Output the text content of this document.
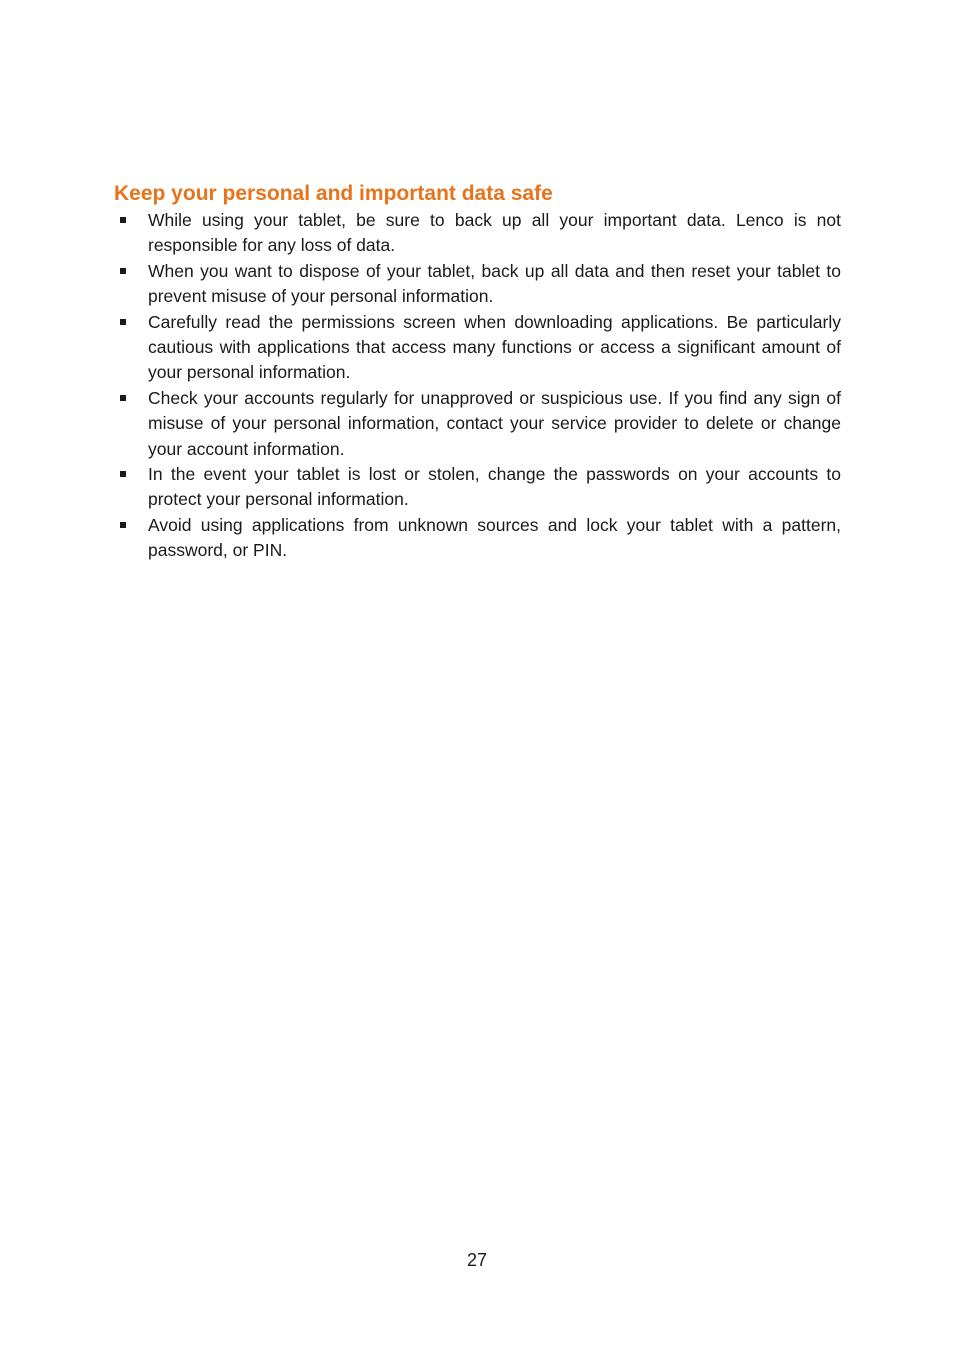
Keep your personal and important data safe
While using your tablet, be sure to back up all your important data. Lenco is not responsible for any loss of data.
When you want to dispose of your tablet, back up all data and then reset your tablet to prevent misuse of your personal information.
Carefully read the permissions screen when downloading applications. Be particularly cautious with applications that access many functions or access a significant amount of your personal information.
Check your accounts regularly for unapproved or suspicious use. If you find any sign of misuse of your personal information, contact your service provider to delete or change your account information.
In the event your tablet is lost or stolen, change the passwords on your accounts to protect your personal information.
Avoid using applications from unknown sources and lock your tablet with a pattern, password, or PIN.
27
